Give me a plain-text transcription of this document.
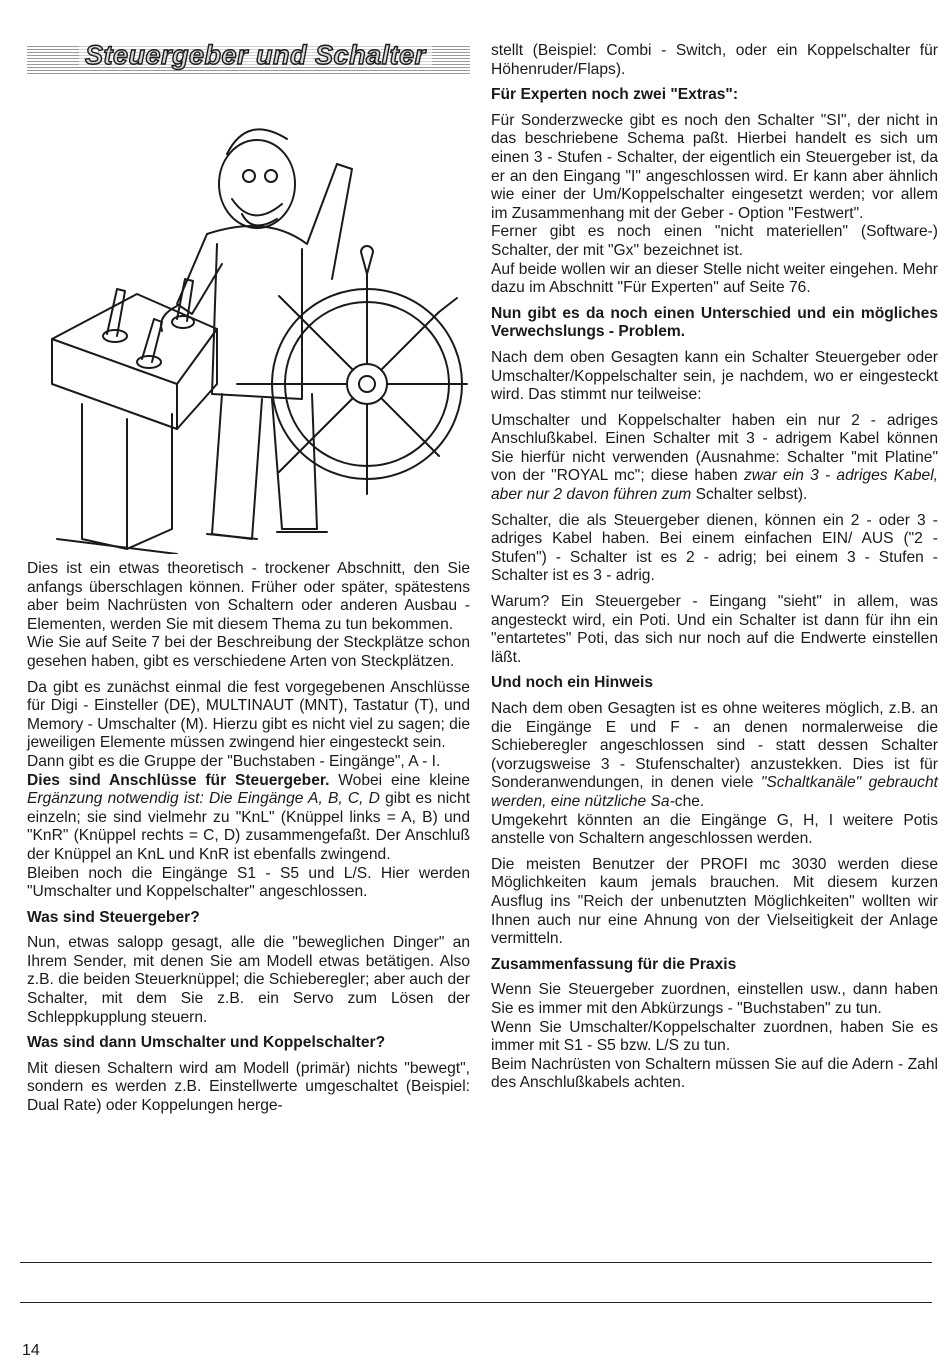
Steuergeber und Schalter

Dies ist ein etwas theoretisch - trockener Abschnitt, den Sie anfangs überschlagen können. Früher oder später, spätestens aber beim Nachrüsten von Schaltern oder anderen Ausbau - Elementen, werden Sie mit diesem Thema zu tun bekommen.

Wie Sie auf Seite 7 bei der Beschreibung der Steckplätze schon gesehen haben, gibt es verschiedene Arten von Steckplätzen.

Da gibt es zunächst einmal die fest vorgegebenen Anschlüsse für Digi - Einsteller (DE), MULTINAUT (MNT), Tastatur (T), und Memory - Umschalter (M). Hierzu gibt es nicht viel zu sagen; die jeweiligen Elemente müssen zwingend hier eingesteckt sein.

Dann gibt es die Gruppe der "Buchstaben - Eingänge", A - I.

Dies sind Anschlüsse für Steuergeber. Wobei eine kleine Ergänzung notwendig ist: Die Eingänge A, B, C, D gibt es nicht einzeln; sie sind vielmehr zu "KnL" (Knüppel links = A, B) und "KnR" (Knüppel rechts = C, D) zusammengefaßt. Der Anschluß der Knüppel an KnL und KnR ist ebenfalls zwingend.

Bleiben noch die Eingänge S1 - S5 und L/S. Hier werden "Umschalter und Koppelschalter" angeschlossen.

Was sind Steuergeber?

Nun, etwas salopp gesagt, alle die "beweglichen Dinger" an Ihrem Sender, mit denen Sie am Modell etwas betätigen. Also z.B. die beiden Steuerknüppel; die Schieberegler; aber auch der Schalter, mit dem Sie z.B. ein Servo zum Lösen der Schleppkupplung steuern.

Was sind dann Umschalter und Koppelschalter?

Mit diesen Schaltern wird am Modell (primär) nichts "bewegt", sondern es werden z.B. Einstellwerte umgeschaltet (Beispiel: Dual Rate) oder Koppelungen herge-

stellt (Beispiel: Combi - Switch, oder ein Koppelschalter für Höhenruder/Flaps).

Für Experten noch zwei "Extras":

Für Sonderzwecke gibt es noch den Schalter "SI", der nicht in das beschriebene Schema paßt. Hierbei handelt es sich um einen 3 - Stufen - Schalter, der eigentlich ein Steuergeber ist, da er an den Eingang "I" angeschlossen wird. Er kann aber ähnlich wie einer der Um/Koppelschalter eingesetzt werden; vor allem im Zusammenhang mit der Geber - Option "Festwert".

Ferner gibt es noch einen "nicht materiellen" (Software-) Schalter, der mit "Gx" bezeichnet ist.

Auf beide wollen wir an dieser Stelle nicht weiter eingehen. Mehr dazu im Abschnitt "Für Experten" auf Seite 76.

Nun gibt es da noch einen Unterschied und ein mögliches Verwechslungs - Problem.

Nach dem oben Gesagten kann ein Schalter Steuergeber oder Umschalter/Koppelschalter sein, je nachdem, wo er eingesteckt wird. Das stimmt nur teilweise:

Umschalter und Koppelschalter haben ein nur 2 - adriges Anschlußkabel. Einen Schalter mit 3 - adrigem Kabel können Sie hierfür nicht verwenden (Ausnahme: Schalter "mit Platine" von der "ROYAL mc"; diese haben zwar ein 3 - adriges Kabel, aber nur 2 davon führen zum Schalter selbst).

Schalter, die als Steuergeber dienen, können ein 2 - oder 3 - adriges Kabel haben. Bei einem einfachen EIN/ AUS ("2 - Stufen") - Schalter ist es 2 - adrig; bei einem 3 - Stufen - Schalter ist es 3 - adrig.

Warum? Ein Steuergeber - Eingang "sieht" in allem, was angesteckt wird, ein Poti. Und ein Schalter ist dann für ihn ein "entartetes" Poti, das sich nur noch auf die Endwerte einstellen läßt.

Und noch ein Hinweis

Nach dem oben Gesagten ist es ohne weiteres möglich, z.B. an die Eingänge E und F - an denen normalerweise die Schieberegler angeschlossen sind - statt dessen Schalter (vorzugsweise 3 - Stufenschalter) anzustekken. Dies ist für Sonderanwendungen, in denen viele "Schaltkanäle" gebraucht werden, eine nützliche Sa-che.

Umgekehrt könnten an die Eingänge G, H, I weitere Potis anstelle von Schaltern angeschlossen werden.

Die meisten Benutzer der PROFI mc 3030 werden diese Möglichkeiten kaum jemals brauchen. Mit diesem kurzen Ausflug ins "Reich der unbenutzten Möglichkeiten" wollten wir Ihnen auch nur eine Ahnung von der Vielseitigkeit der Anlage vermitteln.

Zusammenfassung für die Praxis

Wenn Sie Steuergeber zuordnen, einstellen usw., dann haben Sie es immer mit den Abkürzungs - "Buchstaben" zu tun.

Wenn Sie Umschalter/Koppelschalter zuordnen, haben Sie es immer mit S1 - S5 bzw. L/S zu tun.

Beim Nachrüsten von Schaltern müssen Sie auf die Adern - Zahl des Anschlußkabels achten.

14
